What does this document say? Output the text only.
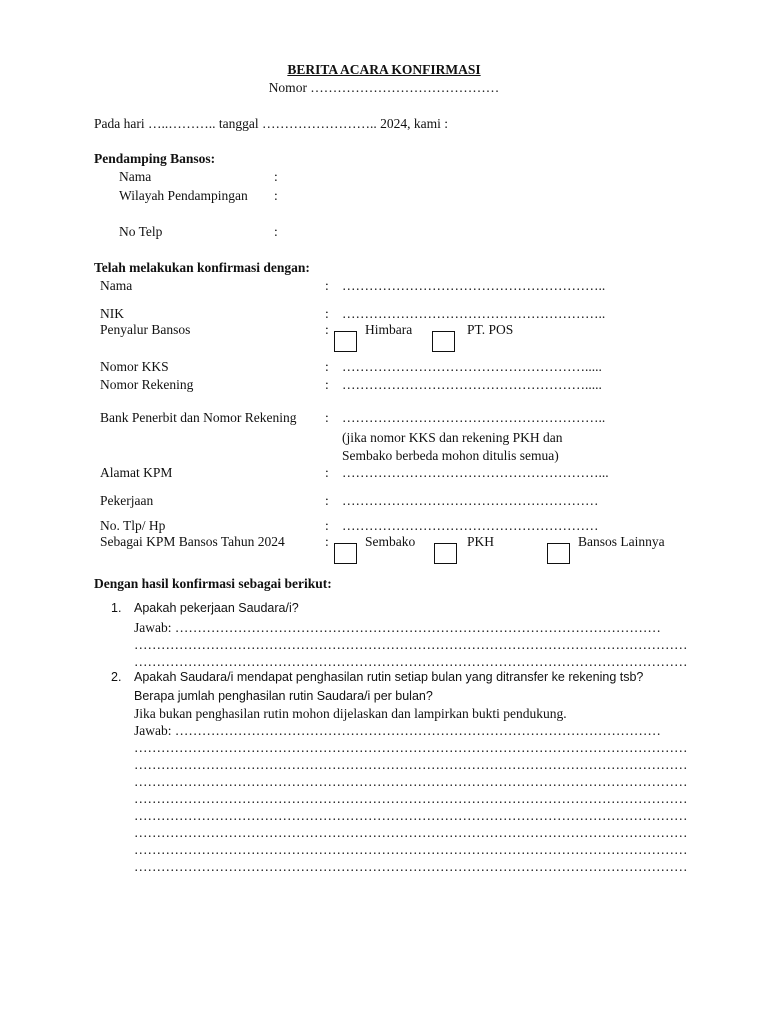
BERITA ACARA KONFIRMASI
Nomor ……………………………………
Pada hari …..……….. tanggal …………………….. 2024, kami :
Pendamping Bansos:
Nama	:
Wilayah Pendampingan :
No Telp	:
Telah melakukan konfirmasi dengan:
Nama	: …………………………………………………..
NIK	: …………………………………………………..
Penyalur Bansos	:	Himbara	PT. POS
Nomor KKS	: ……………………………………………….....
Nomor Rekening	: ……………………………………………….....
Bank Penerbit dan Nomor Rekening : …………………………………………………..
(jika nomor KKS dan rekening PKH dan
Sembako berbeda mohon ditulis semua)
Alamat KPM	: …………………………………………………...
Pekerjaan	: …………………………………………………
No. Tlp/ Hp	: …………………………………………………
Sebagai KPM Bansos Tahun 2024	:	Sembako	PKH	Bansos Lainnya
Dengan hasil konfirmasi sebagai berikut:
1. Apakah pekerjaan Saudara/i?
Jawab: ………………………………………………………………………………………………
……………………………………………………………………………………………………………
……………………………………………………………………………………………………………
2. Apakah Saudara/i mendapat penghasilan rutin setiap bulan yang ditransfer ke rekening tsb?
Berapa jumlah penghasilan rutin Saudara/i per bulan?
Jika bukan penghasilan rutin mohon dijelaskan dan lampirkan bukti pendukung.
Jawab: ………………………………………………………………………………………………
……………………………………………………………………………………………………………
……………………………………………………………………………………………………………
……………………………………………………………………………………………………………
……………………………………………………………………………………………………………
……………………………………………………………………………………………………………
……………………………………………………………………………………………………………
……………………………………………………………………………………………………………
……………………………………………………………………………………………………………
